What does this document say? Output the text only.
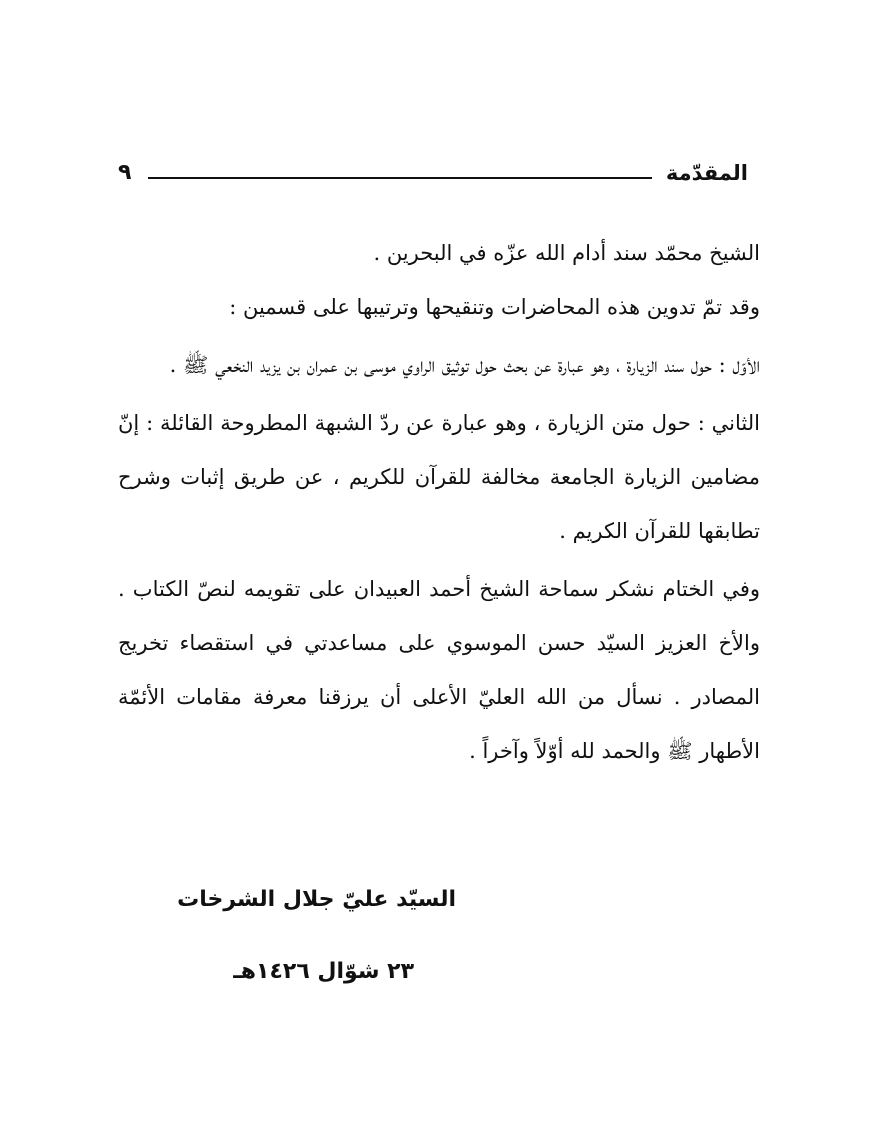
المقدّمة
٩

الشيخ محمّد سند أدام الله عزّه في البحرين .

وقد تمّ تدوين هذه المحاضرات وتنقيحها وترتيبها على قسمين :

الأوّل : حول سند الزيارة ، وهو عبارة عن بحث حول توثيق الراوي موسى بن عمران بن يزيد النخعي ﷺ .

الثاني : حول متن الزيارة ، وهو عبارة عن ردّ الشبهة المطروحة القائلة : إنّ مضامين الزيارة الجامعة مخالفة للقرآن للكريم ، عن طريق إثبات وشرح تطابقها للقرآن الكريم .

وفي الختام نشكر سماحة الشيخ أحمد العبيدان على تقويمه لنصّ الكتاب . والأخ العزيز السيّد حسن الموسوي على مساعدتي في استقصاء تخريج المصادر . نسأل من الله العليّ الأعلى أن يرزقنا معرفة مقامات الأئمّة الأطهار ﷺ والحمد لله أوّلاً وآخراً .

السيّد عليّ جلال الشرخات
٢٣ شوّال ١٤٢٦هـ
